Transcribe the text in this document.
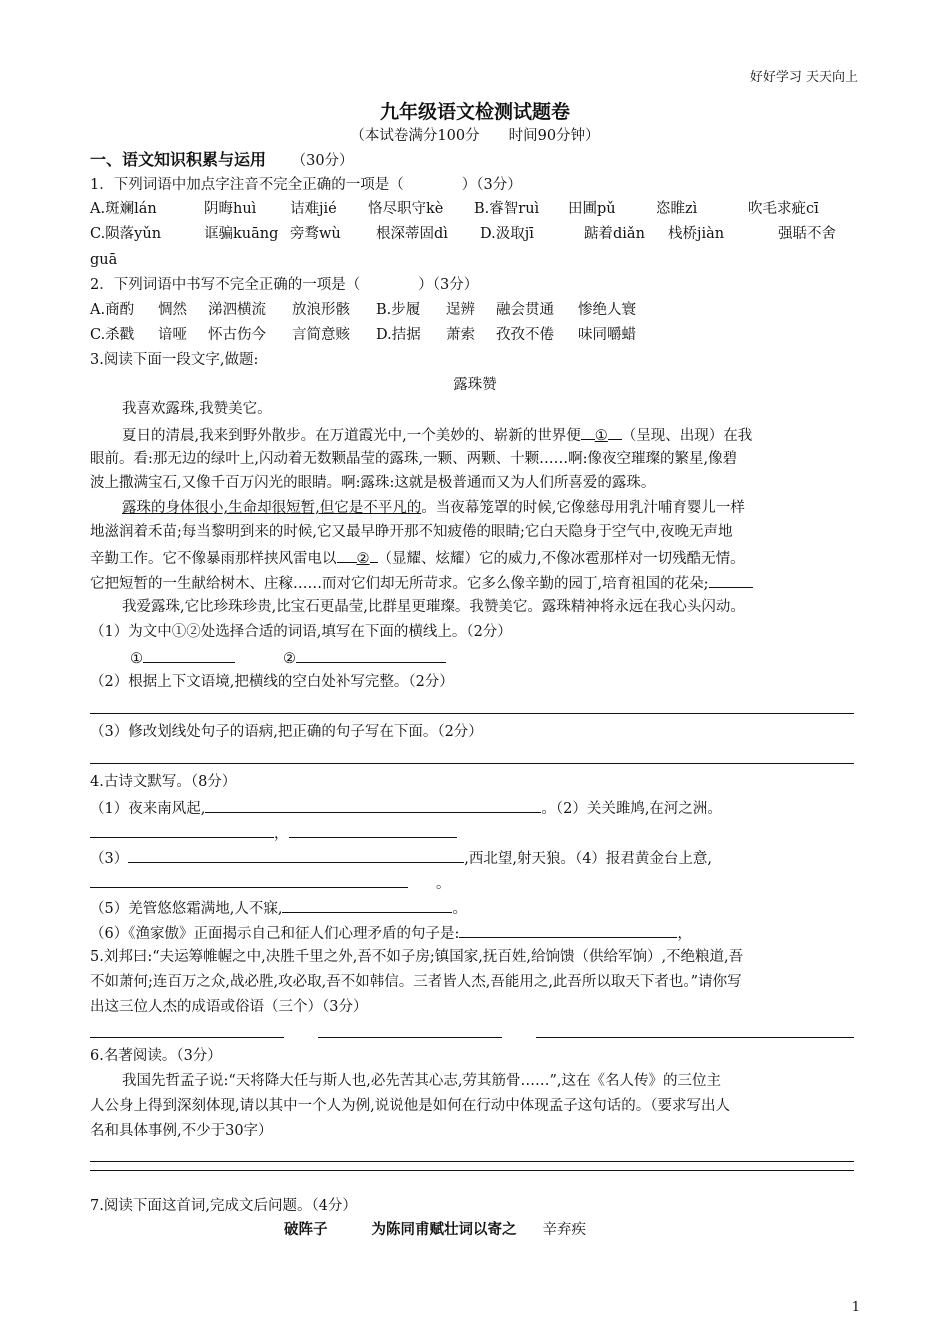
好好学习 天天向上
九年级语文检测试题卷
（本试卷满分100分　　时间90分钟）
一、语文知识积累与运用 （30分）
1．下列词语中加点字注音不完全正确的一项是（　　　　）（3分）
A.斑斓lán	阴晦huì 诘难jié 恪尽职守kè B.睿智ruì 田圃pǔ	恣睢zì	吹毛求疵cī
C.陨落yǔn	诓骗kuāng 旁骛wù 根深蒂固dì D.汲取jī	踮着diǎn 栈桥jiàn	强聒不舍
guā
2．下列词语中书写不完全正确的一项是（　　　　）（3分）
A.商酌 惆然 涕泗横流 放浪形骸 B.步履 逞辨 融会贯通 惨绝人寰
C.杀戳 谙哑 怀古伤今 言简意赅 D.拮据 萧索 孜孜不倦 味同嚼蜡
3.阅读下面一段文字,做题:
露珠赞
我喜欢露珠,我赞美它。
夏日的清晨,我来到野外散步。在万道霞光中,一个美妙的、崭新的世界便 ① （呈现、出现）在我
眼前。看:那无边的绿叶上,闪动着无数颗晶莹的露珠,一颗、两颗、十颗……啊:像夜空璀璨的繁星,像碧
波上撒满宝石,又像千百万闪光的眼睛。啊:露珠:这就是极普通而又为人们所喜爱的露珠。
露珠的身体很小,生命却很短暂,但它是不平凡的。当夜幕笼罩的时候,它像慈母用乳汁哺育婴儿一样
地滋润着禾苗;每当黎明到来的时候,它又最早睁开那不知疲倦的眼睛;它白天隐身于空气中,夜晚无声地
辛勤工作。它不像暴雨那样挟风雷电以 ② （显耀、炫耀）它的威力,不像冰雹那样对一切残酷无情。
它把短暂的一生献给树木、庄稼……而对它们却无所苛求。它多么像辛勤的园丁,培育祖国的花朵;
我爱露珠,它比珍珠珍贵,比宝石更晶莹,比群星更璀璨。我赞美它。露珠精神将永远在我心头闪动。
（1）为文中①②处选择合适的词语,填写在下面的横线上。（2分）
①	②
（2）根据上下文语境,把横线的空白处补写完整。（2分）
（3）修改划线处句子的语病,把正确的句子写在下面。（2分）
4.古诗文默写。（8分）
（1）夜来南风起,	。（2）关关雎鸠,在河之洲。
，
（3）	,西北望,射天狼。（4）报君黄金台上意,
。
（5）羌管悠悠霜满地,人不寐,	。
（6）《渔家傲》正面揭示自己和征人们心理矛盾的句子是:	，
5.刘邦曰:“夫运筹帷幄之中,决胜千里之外,吾不如子房;镇国家,抚百姓,给饷馈（供给军饷）,不绝粮道,吾
不如萧何;连百万之众,战必胜,攻必取,吾不如韩信。三者皆人杰,吾能用之,此吾所以取天下者也。”请你写
出这三位人杰的成语或俗语（三个）（3分）
6.名著阅读。（3分）
我国先哲孟子说:“天将降大任与斯人也,必先苦其心志,劳其筋骨……”,这在《名人传》的三位主
人公身上得到深刻体现,请以其中一个人为例,说说他是如何在行动中体现孟子这句话的。（要求写出人
名和具体事例,不少于30字）
7.阅读下面这首词,完成文后问题。（4分）
破阵子	为陈同甫赋壮词以寄之 辛弃疾
1
